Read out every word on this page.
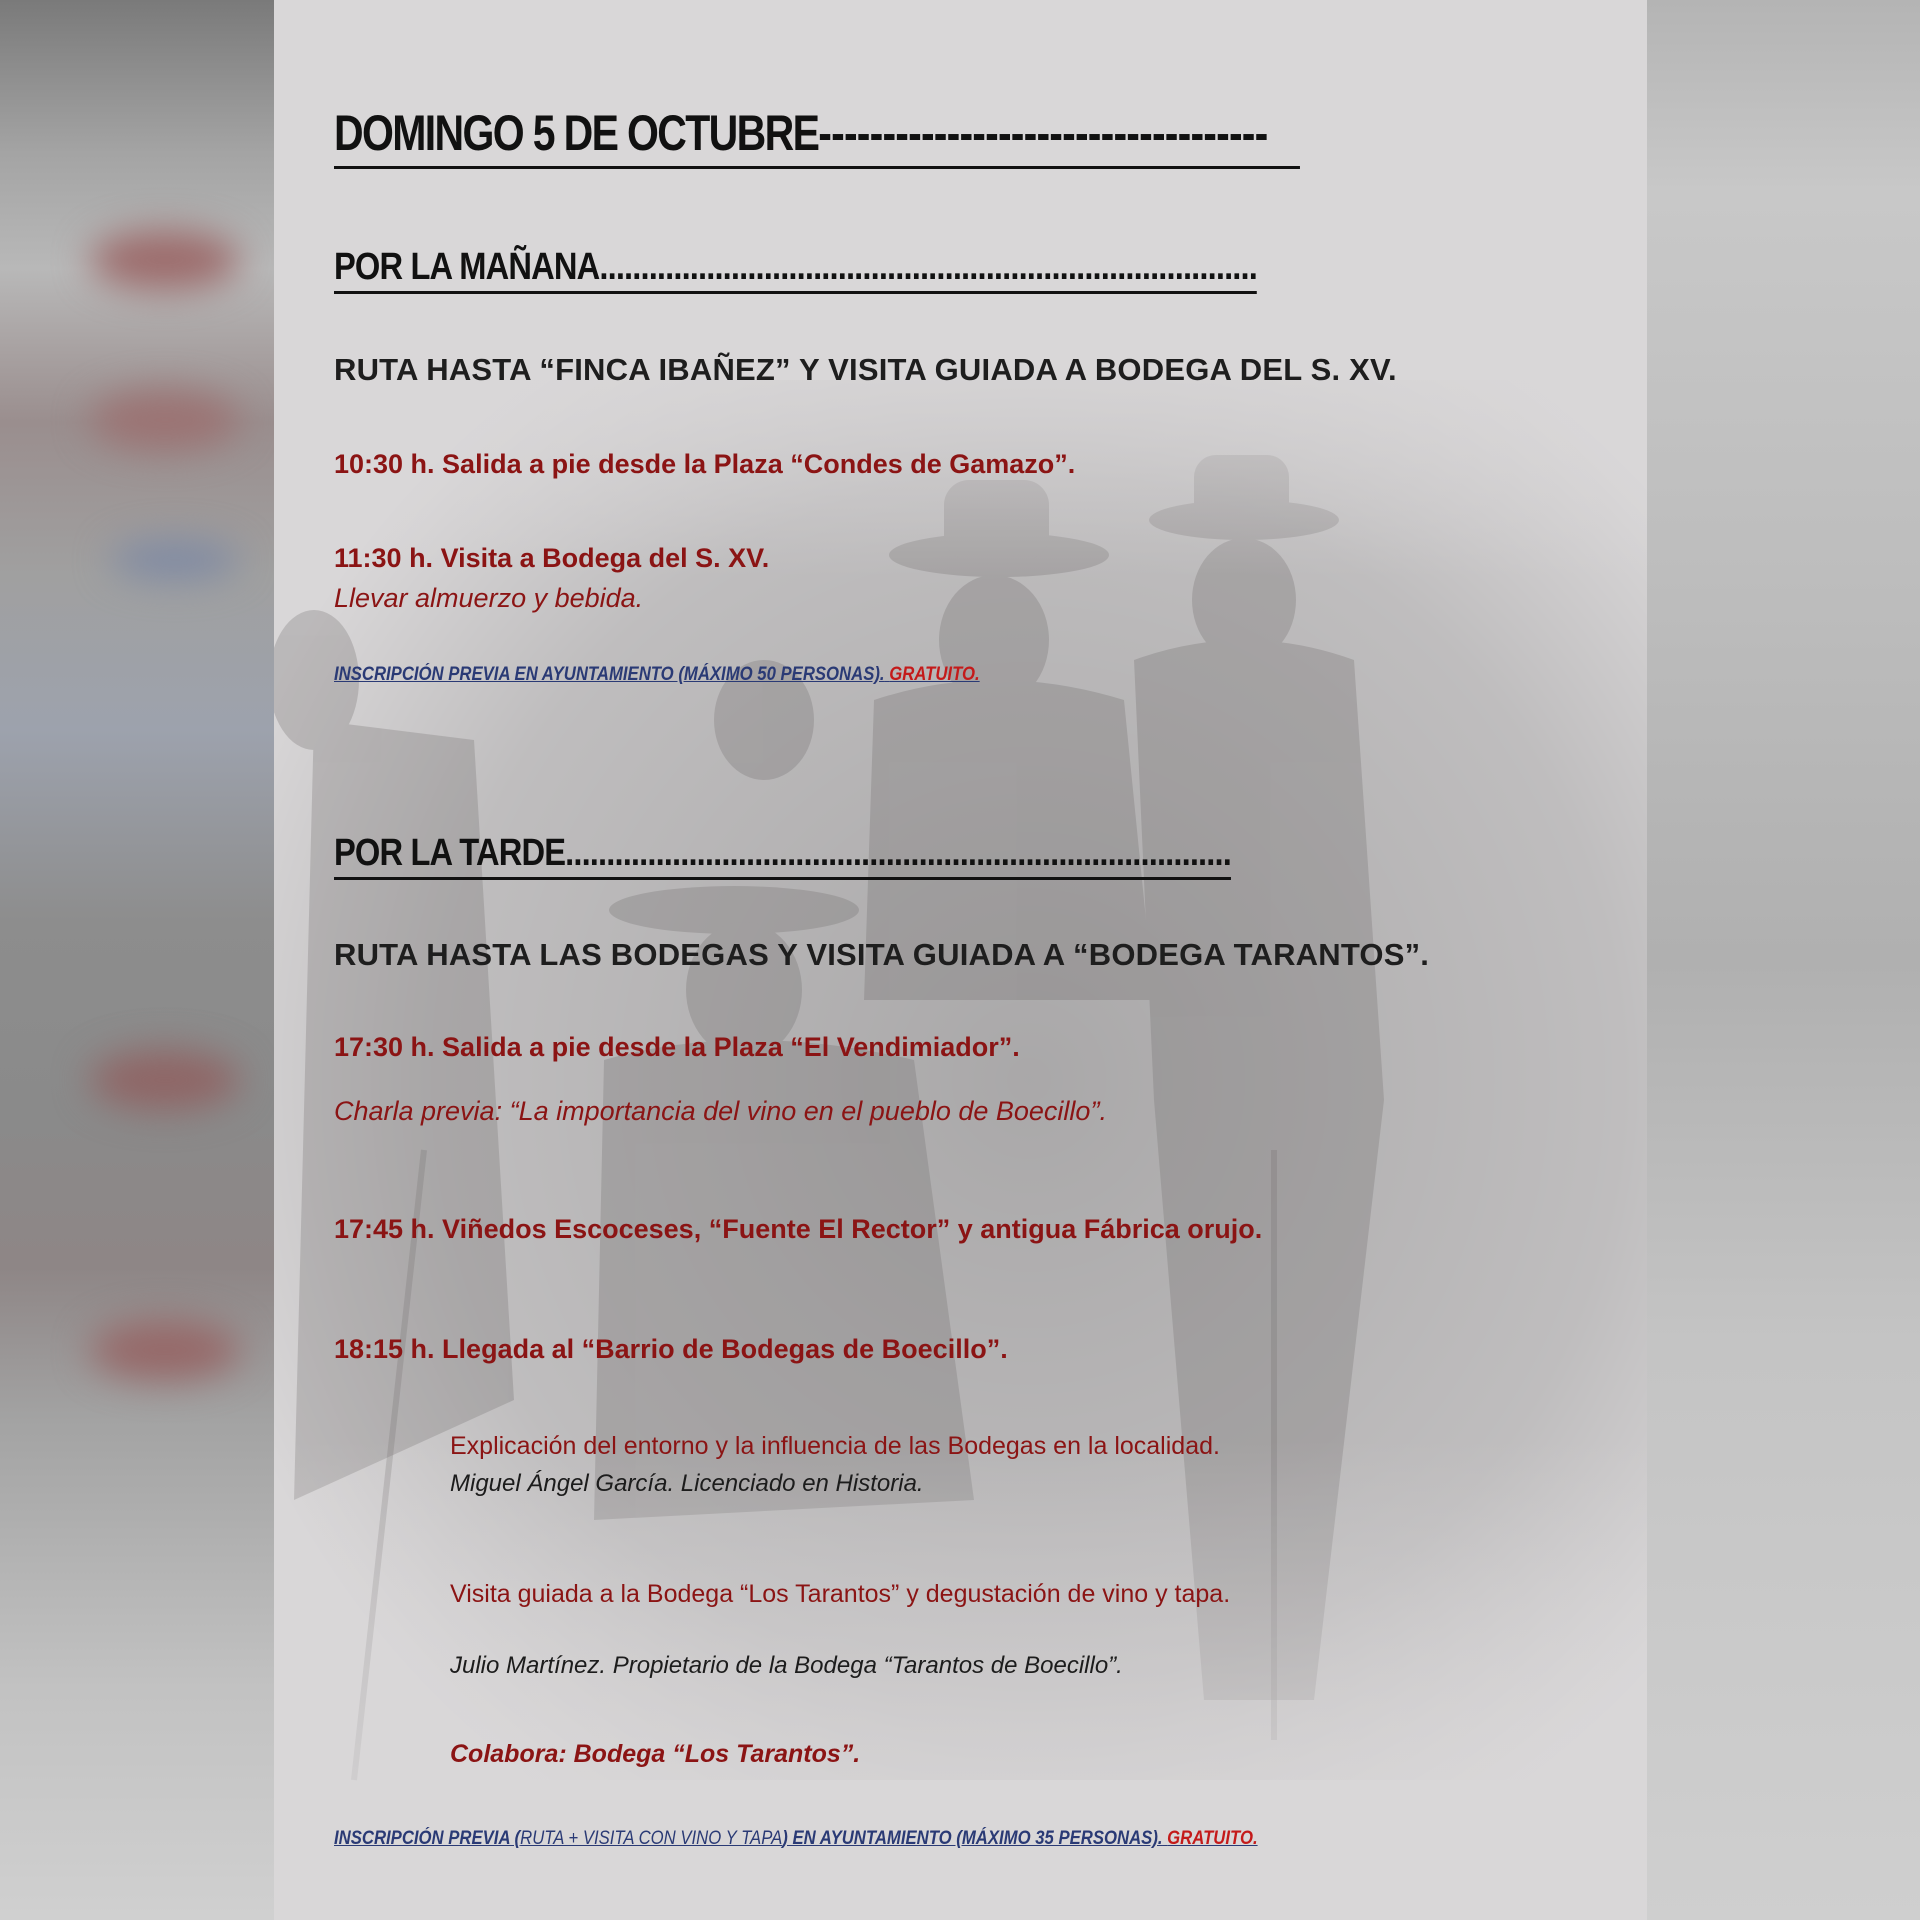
DOMINGO 5 DE OCTUBRE-----------------------------------
POR LA MAÑANA................................................................................
RUTA HASTA “FINCA IBAÑEZ” Y VISITA GUIADA A BODEGA DEL S. XV.
10:30 h. Salida a pie desde la Plaza “Condes de Gamazo”.
11:30 h. Visita a Bodega del S. XV.
Llevar almuerzo y bebida.
INSCRIPCIÓN PREVIA EN AYUNTAMIENTO (MÁXIMO 50 PERSONAS). GRATUITO.
POR LA TARDE.................................................................................
RUTA HASTA LAS BODEGAS Y VISITA GUIADA A “BODEGA TARANTOS”.
17:30 h. Salida a pie desde la Plaza “El Vendimiador”.
Charla previa: “La importancia del vino en el pueblo de Boecillo”.
17:45 h. Viñedos Escoceses, “Fuente El Rector” y antigua Fábrica orujo.
18:15 h. Llegada al “Barrio de Bodegas de Boecillo”.
Explicación del entorno y la influencia de las Bodegas en la localidad.
Miguel Ángel García. Licenciado en Historia.
Visita guiada a la Bodega “Los Tarantos” y degustación de vino y tapa.
Julio Martínez. Propietario de la Bodega “Tarantos de Boecillo”.
Colabora: Bodega “Los Tarantos”.
INSCRIPCIÓN PREVIA (RUTA + VISITA CON VINO Y TAPA) EN AYUNTAMIENTO (MÁXIMO 35 PERSONAS). GRATUITO.
